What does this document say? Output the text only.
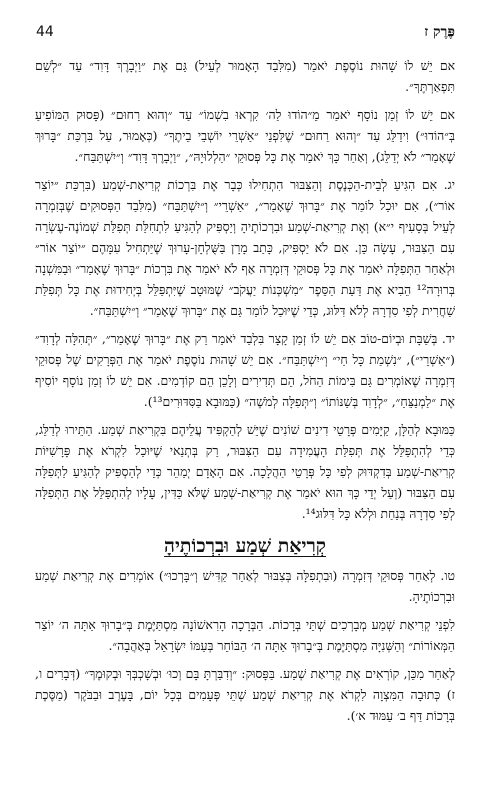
44	פֶּרֶק ז

אם יֵשׁ לוֹ שָׁהוּת נוֹסֶפֶת יֹאמַר (מִלִּבַד הָאָמוּר לְעֵיל) גַּם אֶת ״וַיְבָרֶךְ דָּוִד״ עַד ״לְשֵׁם תִּפְאַרְתֶּךָ״.

אם יֵשׁ לוֹ זְמַן נוֹסָף יֹאמַר מֵ״הוֹדוּ לַה׳ קִרְאוּ בִשְׁמוֹ״ עַד ״וְהוּא רַחוּם״ (פָּסוּק הַמּוֹפִיעַ בְּ״הוֹדוּ״) וִידַלֵּג עַד ״וְהוּא רַחוּם״ שֶׁלִּפְנֵי ״אַשְׁרֵי יוֹשְׁבֵי בֵיתֶךָ״ (כְּאָמוּר, עַל בִּרְכַּת ״בָּרוּךְ שֶׁאָמַר״ לֹא יְדַלֵּג), וְאַחַר כָּךְ יֹאמַר אֶת כָּל פְּסוּקֵי ״הַלְלוּיָהּ״, ״וַיְבָרֶךְ דָּוִד״ וְ״יִשְׁתַּבַּח״.

יג. אִם הִגִּיעַ לְבֵית-הַכְּנֶסֶת וְהַצִּבּוּר הִתְחִילוּ כְּבָר אֶת בִּרְכוֹת קְרִיאַת-שְׁמַע (בִּרְכַּת ״יוֹצֵר אוֹר״), אִם יוּכַל לוֹמַר אֶת ״בָּרוּךְ שֶׁאָמַר״, ״אַשְׁרֵי״ וְ״יִשְׁתַּבַּח״ (מִלִּבַד הַפְּסוּקִים שֶׁבְּזִמְרָה לְעֵיל בְּסָעִיף י״א) וְאֶת קְרִיאַת-שְׁמַע וּבִרְכוֹתֶיהָ וְיַסְפִּיק לְהַגִּיעַ לִתְחִלַּת תְּפִלַּת שְׁמוֹנֶה-עֶשְׂרֵה עִם הַצִּבּוּר, עָשָׂה כֵּן. אִם לֹא יַסְפִּיק, כָּתַב מָרָן בַּשֻּׁלְחָן-עָרוּךְ שֶׁיַּתְחִיל עִמָּהֶם ״יוֹצֵר אוֹר״ וּלְאַחַר הַתְּפִלָּה יֹאמַר אֶת כָּל פְּסוּקֵי דְּזִמְרָה אַף לֹא יֹאמַר אֶת בִּרְכוֹת ״בָּרוּךְ שֶׁאָמַר״ וּבַמִּשְׁנָה בְּרוּרָה¹² הֵבִיא אֶת דַּעַת הַסֵּפֶר ״מִשְׁכְּנוֹת יַעֲקֹב״ שֶׁמּוּטָב שֶׁיִּתְפַּלֵּל בְּיְחִידוּת אֶת כָּל תְּפִלַּת שַׁחֲרִית לְפִי סִדְרָהּ לְלֹא דִּלּוּג, כְּדֵי שֶׁיּוּכַל לוֹמַר גַּם אֶת ״בָּרוּךְ שֶׁאָמַר״ וְ״יִשְׁתַּבַּח״.

יד. בְּשַׁבָּת וּבְיוֹם-טוֹב אִם יֵשׁ לוֹ זְמַן קָצָר בִּלְבַד יֹאמַר רַק אֶת ״בָּרוּךְ שֶׁאָמַר״, ״תְּהִלָּה לְדָוִד״ (״אַשְׁרֵי״), ״נִשְׁמַת כָּל חַי״ וְ״יִשְׁתַּבַּח״. אִם יֵשׁ שָׁהוּת נוֹסֶפֶת יֹאמַר אֶת הַפְּרָקִים שֶׁל פְּסוּקֵי דְּזִמְרָה שֶׁאוֹמְרִים גַּם בִּימוֹת הַחֹל, הֵם תְּדִירִים וְלָכֵן הֵם קוֹדְמִים. אִם יֵשׁ לוֹ זְמַן נוֹסָף יוֹסִיף אֶת ״לַמְנַצֵּחַ״, ״לְדָוִד בְּשַׁנּוֹתוֹ״ וְ״תְּפִלָּה לְמֹשֶׁה״ (כַּמּוּבָא בַּסִּדּוּרִים¹³).

כַּמּוּבָא לְהַלָּן, קַיָּמִים פְּרָטֵי דִינִים שׁוֹנִים שֶׁיֵּשׁ לְהַקְפִּיד עֲלֵיהֶם בִּקְרִיאַת שְׁמַע. הַתֵּירוּ לְדַלֵּג, כְּדֵי לְהִתְפַּלֵּל אֶת תְּפִלַּת הָעֲמִידָה עִם הַצִּבּוּר, רַק בְּתְנַאי שֶׁיּוּכַל לִקְרֹא אֶת פָּרָשִׁיּוֹת קְרִיאַת-שְׁמַע בְּדִקְדּוּק לְפִי כָּל פְּרָטֵי הַהֲלָכָה. אִם הָאָדָם יְמַהֵר כְּדֵי לְהַסְפִּיק לְהַגִּיעַ לַתְּפִלָּה עִם הַצִּבּוּר (וְעַל יְדֵי כָּךְ הוּא יֹאמַר אֶת קְרִיאַת-שְׁמַע שֶׁלֹּא כַּדִּין, עָלָיו לְהִתְפַּלֵּל אֶת הַתְּפִלָּה לְפִי סִדְרָהּ בְּנַחַת וּלְלֹא כָּל דִּלּוּג¹⁴.

קְרִיאַת שְׁמַע וּבִרְכוֹתֶיהָ

טו. לְאַחַר פְּסוּקֵי דְּזִמְרָה (וּבִתְפִלָּה בְּצִבּוּר לְאַחַר קַדִּישׁ וְ״בָּרְכוּ״) אוֹמְרִים אֶת קְרִיאַת שְׁמַע וּבִרְכוֹתֶיהָ.

לִפְנֵי קְרִיאַת שְׁמַע מְבָרְכִים שְׁתֵּי בְּרָכוֹת. הַבְּרָכָה הָרִאשׁוֹנָה מִסְתַּיֶּמֶת בְּ״בָרוּךְ אַתָּה ה׳ יוֹצֵר הַמְּאוֹרוֹת״ וְהַשְּׁנִיָּה מִסְתַּיֶּמֶת בְּ״בָרוּךְ אַתָּה ה׳ הַבּוֹחֵר בְּעַמּוֹ יִשְׂרָאֵל בְּאַהֲבָה״.

לְאַחַר מִכֵּן, קוֹרְאִים אֶת קְרִיאַת שְׁמַע. בַּפָּסוּק: ״וְדִבַּרְתָּ בָּם וְכוּ׳ וּבְשָׁכְבְּךָ וּבְקוּמֶךָ״ (דְּבָרִים ו, ז) כְּתוּבָה הַמִּצְוָה לִקְרֹא אֶת קְרִיאַת שְׁמַע שְׁתֵּי פְּעָמִים בְּכָל יוֹם, בָּעֶרֶב וּבַבֹּקֶר (מַסֶּכֶת בְּרָכוֹת דַּף ב׳ עַמּוּד א׳).
